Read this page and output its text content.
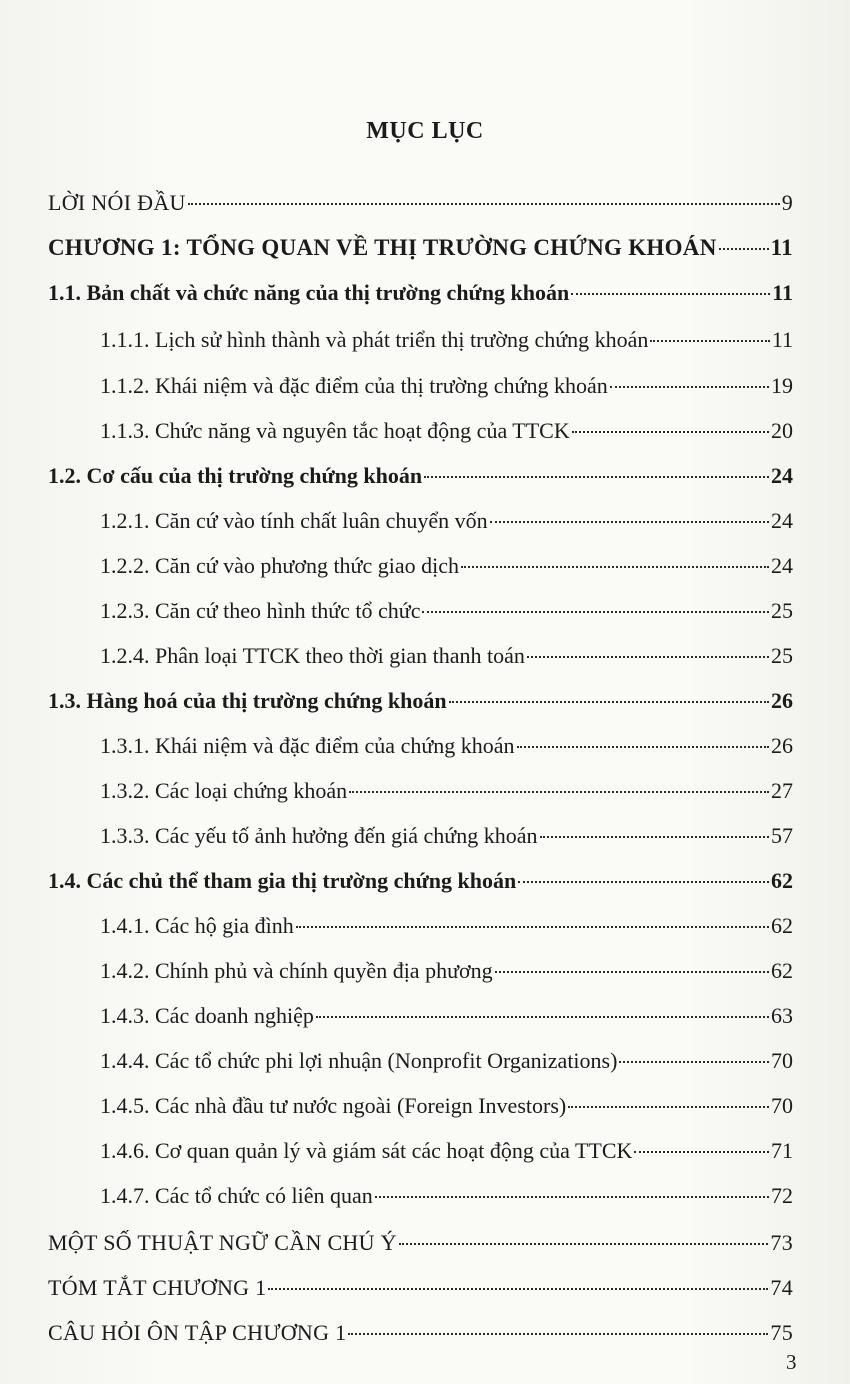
MỤC LỤC
LỜI NÓI ĐẦU	9
CHƯƠNG 1: TỔNG QUAN VỀ THỊ TRƯỜNG CHỨNG KHOÁN 11
1.1. Bản chất và chức năng của thị trường chứng khoán	11
1.1.1. Lịch sử hình thành và phát triển thị trường chứng khoán	11
1.1.2. Khái niệm và đặc điểm của thị trường chứng khoán	19
1.1.3. Chức năng và nguyên tắc hoạt động của TTCK	20
1.2. Cơ cấu của thị trường chứng khoán	24
1.2.1. Căn cứ vào tính chất luân chuyển vốn	24
1.2.2. Căn cứ vào phương thức giao dịch	24
1.2.3. Căn cứ theo hình thức tổ chức	25
1.2.4. Phân loại TTCK theo thời gian thanh toán	25
1.3. Hàng hoá của thị trường chứng khoán	26
1.3.1. Khái niệm và đặc điểm của chứng khoán	26
1.3.2. Các loại chứng khoán	27
1.3.3. Các yếu tố ảnh hưởng đến giá chứng khoán	57
1.4. Các chủ thể tham gia thị trường chứng khoán	62
1.4.1. Các hộ gia đình	62
1.4.2. Chính phủ và chính quyền địa phương	62
1.4.3. Các doanh nghiệp	63
1.4.4. Các tổ chức phi lợi nhuận (Nonprofit Organizations)	70
1.4.5. Các nhà đầu tư nước ngoài (Foreign Investors)	70
1.4.6. Cơ quan quản lý và giám sát các hoạt động của TTCK	71
1.4.7. Các tổ chức có liên quan	72
MỘT SỐ THUẬT NGỮ CẦN CHÚ Ý	73
TÓM TẮT CHƯƠNG 1	74
CÂU HỎI ÔN TẬP CHƯƠNG 1	75
3
